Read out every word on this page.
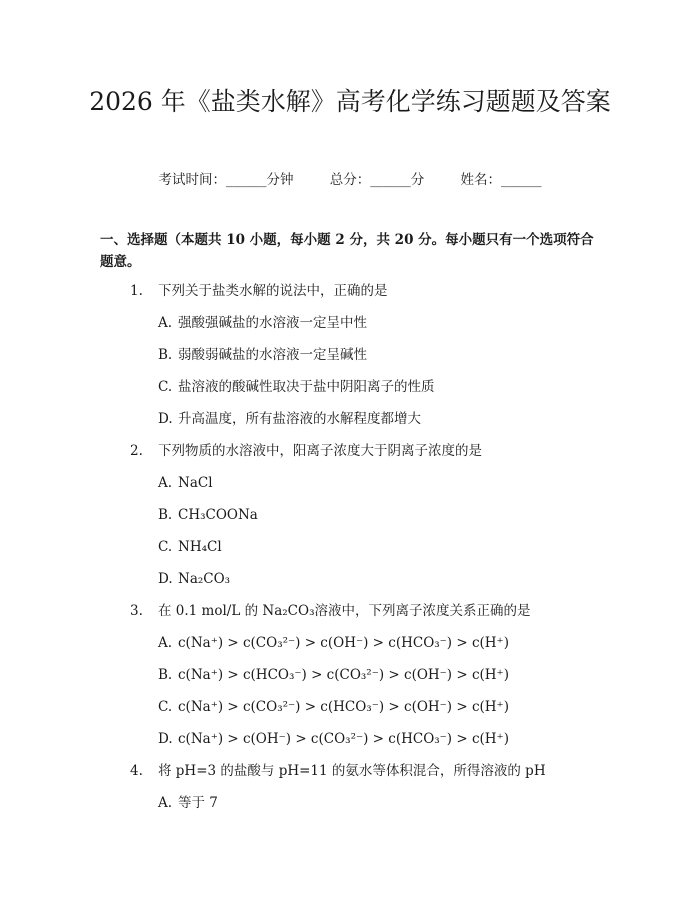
2026 年《盐类水解》高考化学练习题题及答案
考试时间：______分钟	总分：______分	姓名：______
一、选择题（本题共 10 小题，每小题 2 分，共 20 分。每小题只有一个选项符合题意。
1. 下列关于盐类水解的说法中，正确的是
A. 强酸强碱盐的水溶液一定呈中性
B. 弱酸弱碱盐的水溶液一定呈碱性
C. 盐溶液的酸碱性取决于盐中阴阳离子的性质
D. 升高温度，所有盐溶液的水解程度都增大
2. 下列物质的水溶液中，阳离子浓度大于阴离子浓度的是
A. NaCl
B. CH₃COONa
C. NH₄Cl
D. Na₂CO₃
3. 在 0.1 mol/L 的 Na₂CO₃溶液中，下列离子浓度关系正确的是
A. c(Na⁺) > c(CO₃²⁻) > c(OH⁻) > c(HCO₃⁻) > c(H⁺)
B. c(Na⁺) > c(HCO₃⁻) > c(CO₃²⁻) > c(OH⁻) > c(H⁺)
C. c(Na⁺) > c(CO₃²⁻) > c(HCO₃⁻) > c(OH⁻) > c(H⁺)
D. c(Na⁺) > c(OH⁻) > c(CO₃²⁻) > c(HCO₃⁻) > c(H⁺)
4. 将 pH=3 的盐酸与 pH=11 的氨水等体积混合，所得溶液的 pH
A. 等于 7
